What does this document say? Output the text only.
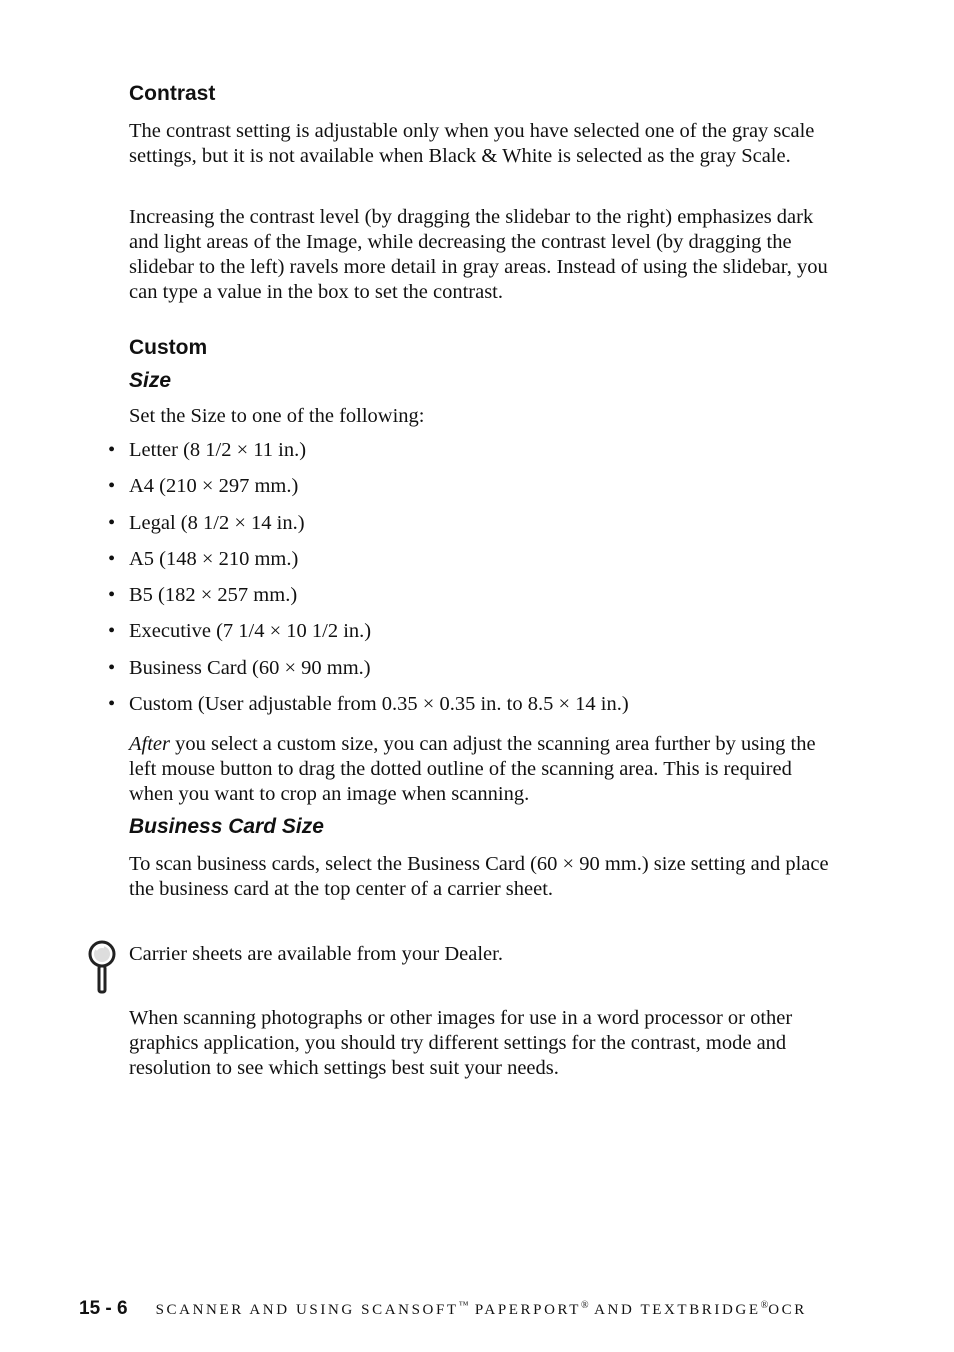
Contrast

The contrast setting is adjustable only when you have selected one of the gray scale settings, but it is not available when Black & White is selected as the gray Scale.

Increasing the contrast level (by dragging the slidebar to the right) emphasizes dark and light areas of the Image, while decreasing the contrast level (by dragging the slidebar to the left) ravels more detail in gray areas. Instead of using the slidebar, you can type a value in the box to set the contrast.

Custom
Size

Set the Size to one of the following:

• Letter (8 1/2 × 11 in.)
• A4 (210 × 297 mm.)
• Legal (8 1/2 × 14 in.)
• A5 (148 × 210 mm.)
• B5 (182 × 257 mm.)
• Executive (7 1/4 × 10 1/2 in.)
• Business Card (60 × 90 mm.)
• Custom (User adjustable from 0.35 × 0.35 in. to 8.5 × 14 in.)

After you select a custom size, you can adjust the scanning area further by using the left mouse button to drag the dotted outline of the scanning area. This is required when you want to crop an image when scanning.

Business Card Size

To scan business cards, select the Business Card (60 × 90 mm.) size setting and place the business card at the top center of a carrier sheet.

Carrier sheets are available from your Dealer.

When scanning photographs or other images for use in a word processor or other graphics application, you should try different settings for the contrast, mode and resolution to see which settings best suit your needs.

15 - 6 SCANNER AND USING SCANSOFT™ PAPERPORT® AND TEXTBRIDGE®OCR
